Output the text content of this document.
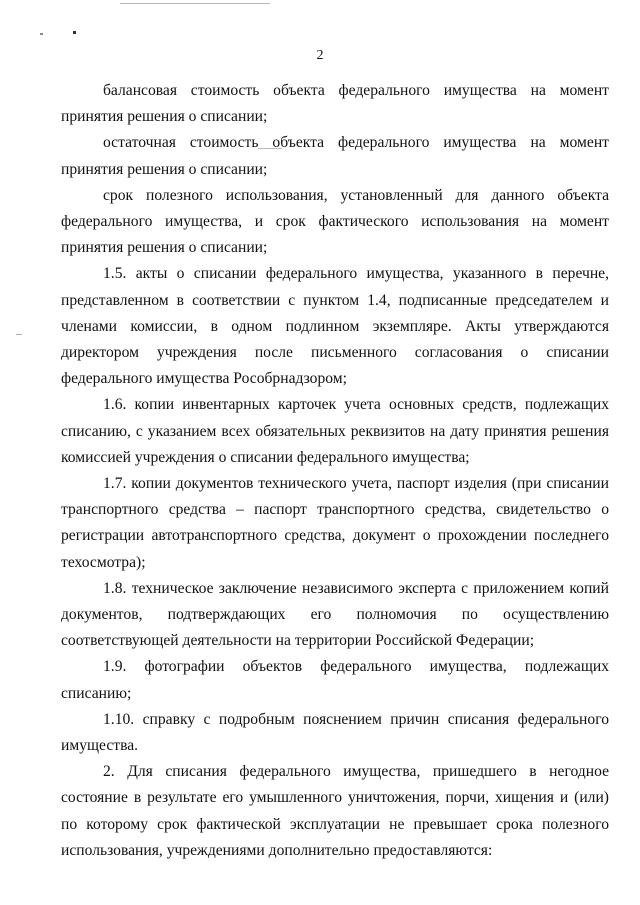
2

балансовая стоимость объекта федерального имущества на момент принятия решения о списании;

остаточная стоимость объекта федерального имущества на момент принятия решения о списании;

срок полезного использования, установленный для данного объекта федерального имущества, и срок фактического использования на момент принятия решения о списании;

1.5. акты о списании федерального имущества, указанного в перечне, представленном в соответствии с пунктом 1.4, подписанные председателем и членами комиссии, в одном подлинном экземпляре. Акты утверждаются директором учреждения после письменного согласования о списании федерального имущества Рособрнадзором;

1.6. копии инвентарных карточек учета основных средств, подлежащих списанию, с указанием всех обязательных реквизитов на дату принятия решения комиссией учреждения о списании федерального имущества;

1.7. копии документов технического учета, паспорт изделия (при списании транспортного средства – паспорт транспортного средства, свидетельство о регистрации автотранспортного средства, документ о прохождении последнего техосмотра);

1.8. техническое заключение независимого эксперта с приложением копий документов, подтверждающих его полномочия по осуществлению соответствующей деятельности на территории Российской Федерации;

1.9. фотографии объектов федерального имущества, подлежащих списанию;

1.10. справку с подробным пояснением причин списания федерального имущества.

2. Для списания федерального имущества, пришедшего в негодное состояние в результате его умышленного уничтожения, порчи, хищения и (или) по которому срок фактической эксплуатации не превышает срока полезного использования, учреждениями дополнительно предоставляются:
